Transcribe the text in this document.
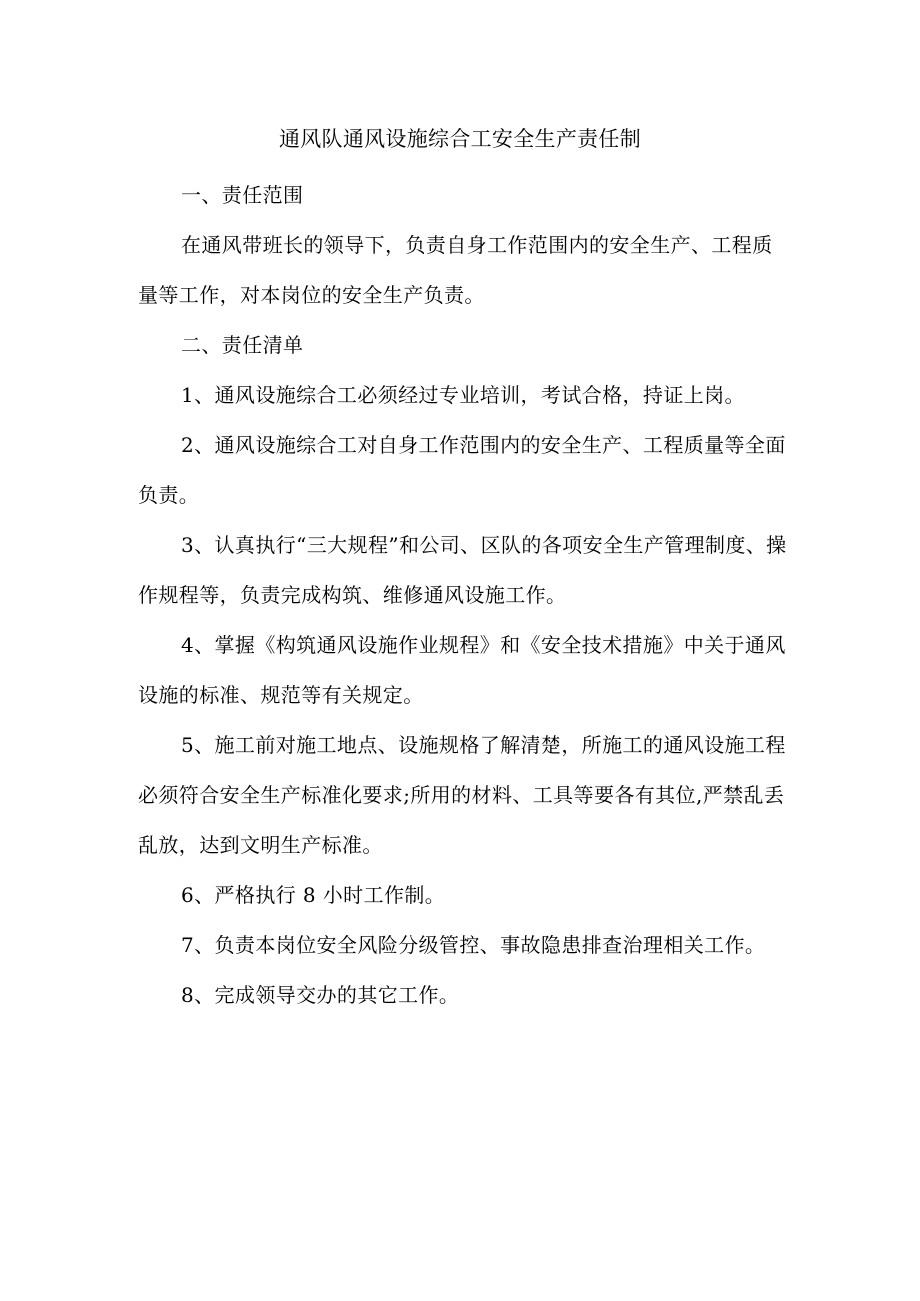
通风队通风设施综合工安全生产责任制

一、责任范围

在通风带班长的领导下，负责自身工作范围内的安全生产、工程质量等工作，对本岗位的安全生产负责。

二、责任清单

1、通风设施综合工必须经过专业培训，考试合格，持证上岗。

2、通风设施综合工对自身工作范围内的安全生产、工程质量等全面负责。

3、认真执行“三大规程”和公司、区队的各项安全生产管理制度、操作规程等，负责完成构筑、维修通风设施工作。

4、掌握《构筑通风设施作业规程》和《安全技术措施》中关于通风设施的标准、规范等有关规定。

5、施工前对施工地点、设施规格了解清楚，所施工的通风设施工程必须符合安全生产标准化要求;所用的材料、工具等要各有其位,严禁乱丢乱放，达到文明生产标准。

6、严格执行 8 小时工作制。

7、负责本岗位安全风险分级管控、事故隐患排查治理相关工作。

8、完成领导交办的其它工作。
